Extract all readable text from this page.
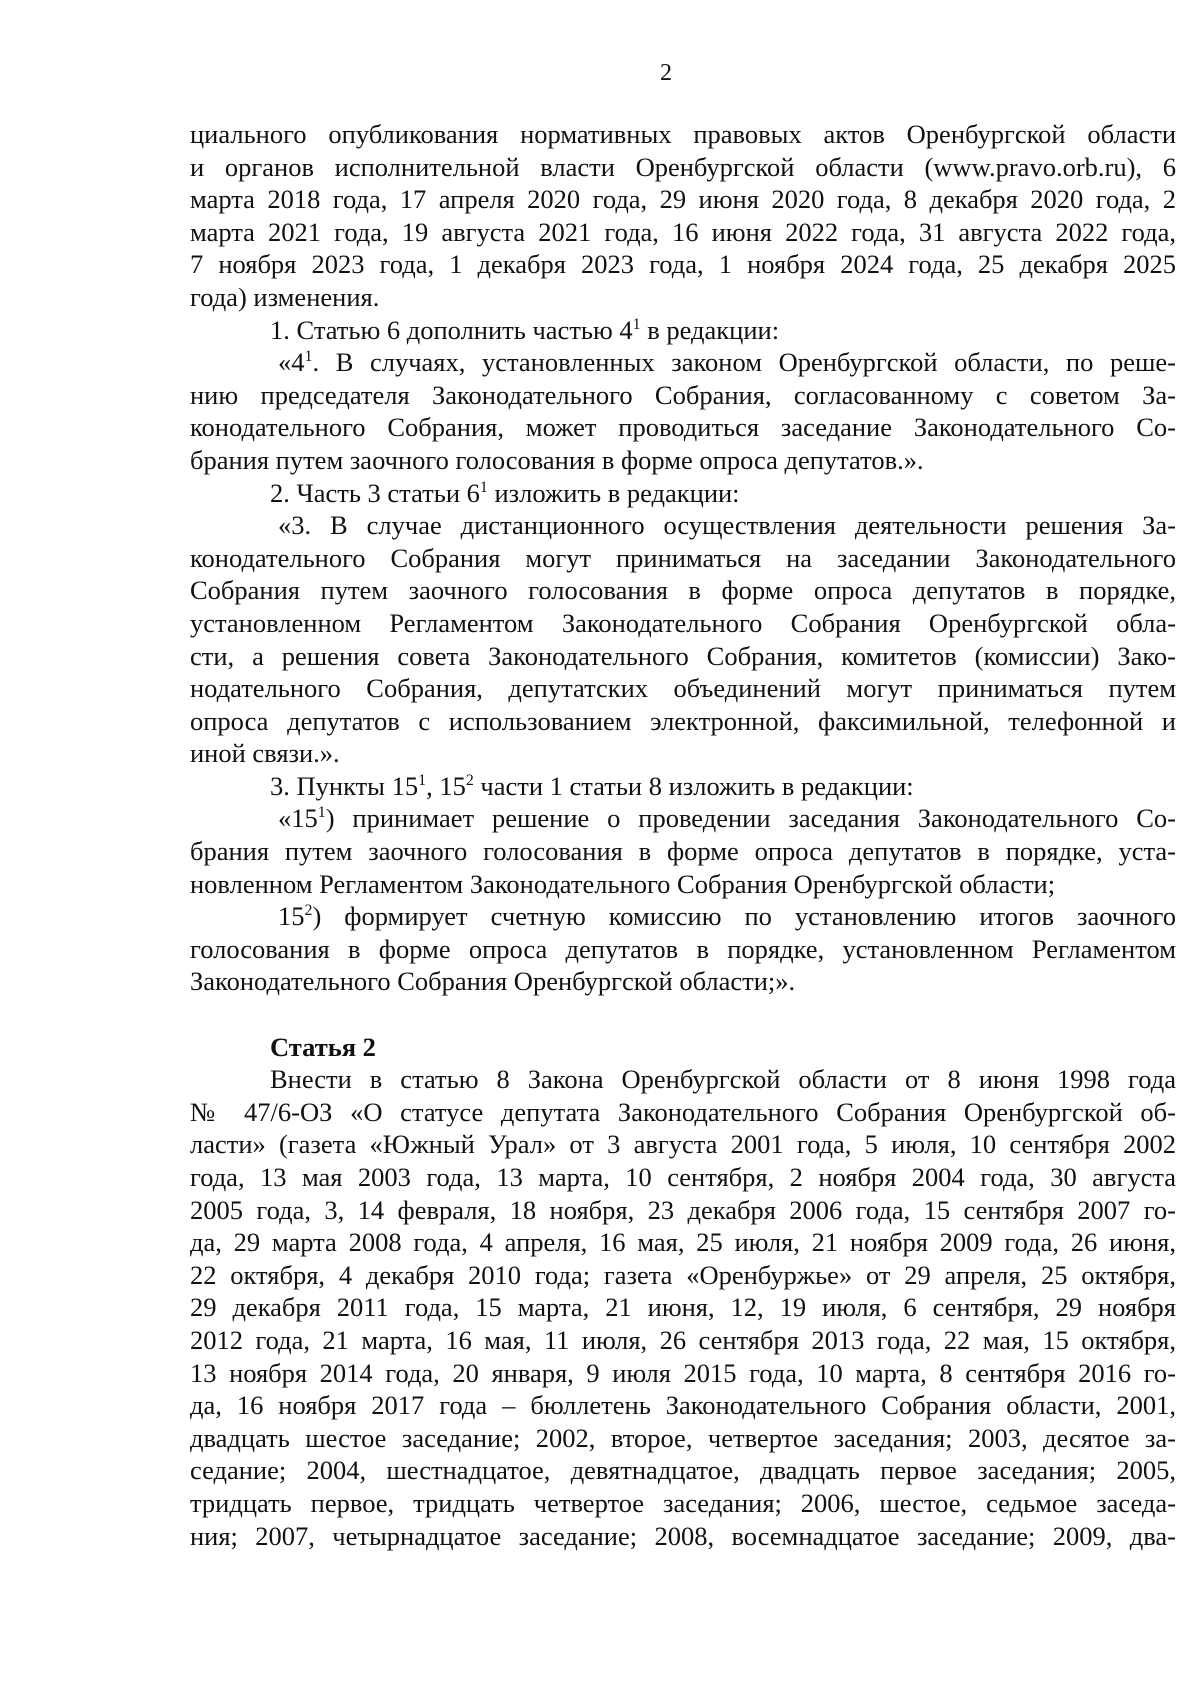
2
циального опубликования нормативных правовых актов Оренбургской области
и органов исполнительной власти Оренбургской области (www.pravo.orb.ru), 6
марта 2018 года, 17 апреля 2020 года, 29 июня 2020 года, 8 декабря 2020 года, 2
марта 2021 года, 19 августа 2021 года, 16 июня 2022 года, 31 августа 2022 года,
7 ноября 2023 года, 1 декабря 2023 года, 1 ноября 2024 года, 25 декабря 2025
года) изменения.
1. Статью 6 дополнить частью $4^1$ в редакции:
«$4^1$. В случаях, установленных законом Оренбургской области, по реше-
нию председателя Законодательного Собрания, согласованному с советом За-
конодательного Собрания, может проводиться заседание Законодательного Со-
брания путем заочного голосования в форме опроса депутатов.».
2. Часть 3 статьи $6^1$ изложить в редакции:
«3. В случае дистанционного осуществления деятельности решения За-
конодательного Собрания могут приниматься на заседании Законодательного
Собрания путем заочного голосования в форме опроса депутатов в порядке,
установленном Регламентом Законодательного Собрания Оренбургской обла-
сти, а решения совета Законодательного Собрания, комитетов (комиссии) Зако-
нодательного Собрания, депутатских объединений могут приниматься путем
опроса депутатов с использованием электронной, факсимильной, телефонной и
иной связи.».
3. Пункты $15^1$, $15^2$ части 1 статьи 8 изложить в редакции:
«$15^1$) принимает решение о проведении заседания Законодательного Со-
брания путем заочного голосования в форме опроса депутатов в порядке, уста-
новленном Регламентом Законодательного Собрания Оренбургской области;
$15^2$) формирует счетную комиссию по установлению итогов заочного
голосования в форме опроса депутатов в порядке, установленном Регламентом
Законодательного Собрания Оренбургской области;».
Статья 2
Внести в статью 8 Закона Оренбургской области от 8 июня 1998 года
№ 47/6-ОЗ «О статусе депутата Законодательного Собрания Оренбургской об-
ласти» (газета «Южный Урал» от 3 августа 2001 года, 5 июля, 10 сентября 2002
года, 13 мая 2003 года, 13 марта, 10 сентября, 2 ноября 2004 года, 30 августа
2005 года, 3, 14 февраля, 18 ноября, 23 декабря 2006 года, 15 сентября 2007 го-
да, 29 марта 2008 года, 4 апреля, 16 мая, 25 июля, 21 ноября 2009 года, 26 июня,
22 октября, 4 декабря 2010 года; газета «Оренбуржье» от 29 апреля, 25 октября,
29 декабря 2011 года, 15 марта, 21 июня, 12, 19 июля, 6 сентября, 29 ноября
2012 года, 21 марта, 16 мая, 11 июля, 26 сентября 2013 года, 22 мая, 15 октября,
13 ноября 2014 года, 20 января, 9 июля 2015 года, 10 марта, 8 сентября 2016 го-
да, 16 ноября 2017 года – бюллетень Законодательного Собрания области, 2001,
двадцать шестое заседание; 2002, второе, четвертое заседания; 2003, десятое за-
седание; 2004, шестнадцатое, девятнадцатое, двадцать первое заседания; 2005,
тридцать первое, тридцать четвертое заседания; 2006, шестое, седьмое заседа-
ния; 2007, четырнадцатое заседание; 2008, восемнадцатое заседание; 2009, два-
